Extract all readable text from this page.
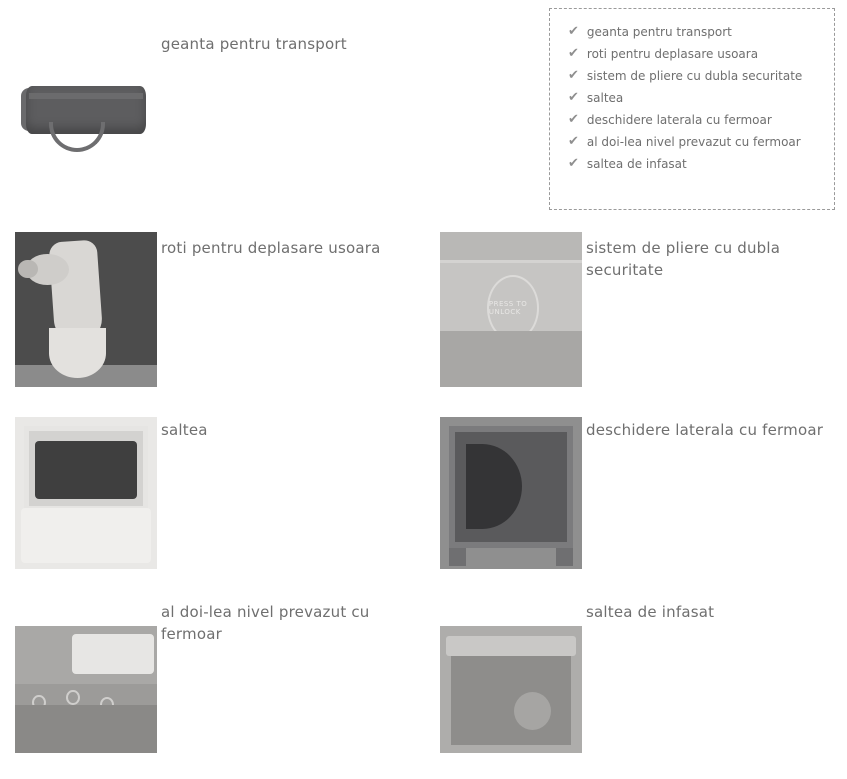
✔ geanta pentru transport
✔ roti pentru deplasare usoara
✔ sistem de pliere cu dubla securitate
✔ saltea
✔ deschidere laterala cu fermoar
✔ al doi-lea nivel prevazut cu fermoar
✔ saltea de infasat
geanta pentru transport
roti pentru deplasare usoara
PRESS TO UNLOCK
sistem de pliere cu dubla securitate
saltea	deschidere laterala cu fermoar
al doi-lea nivel prevazut cu fermoar
saltea de infasat
